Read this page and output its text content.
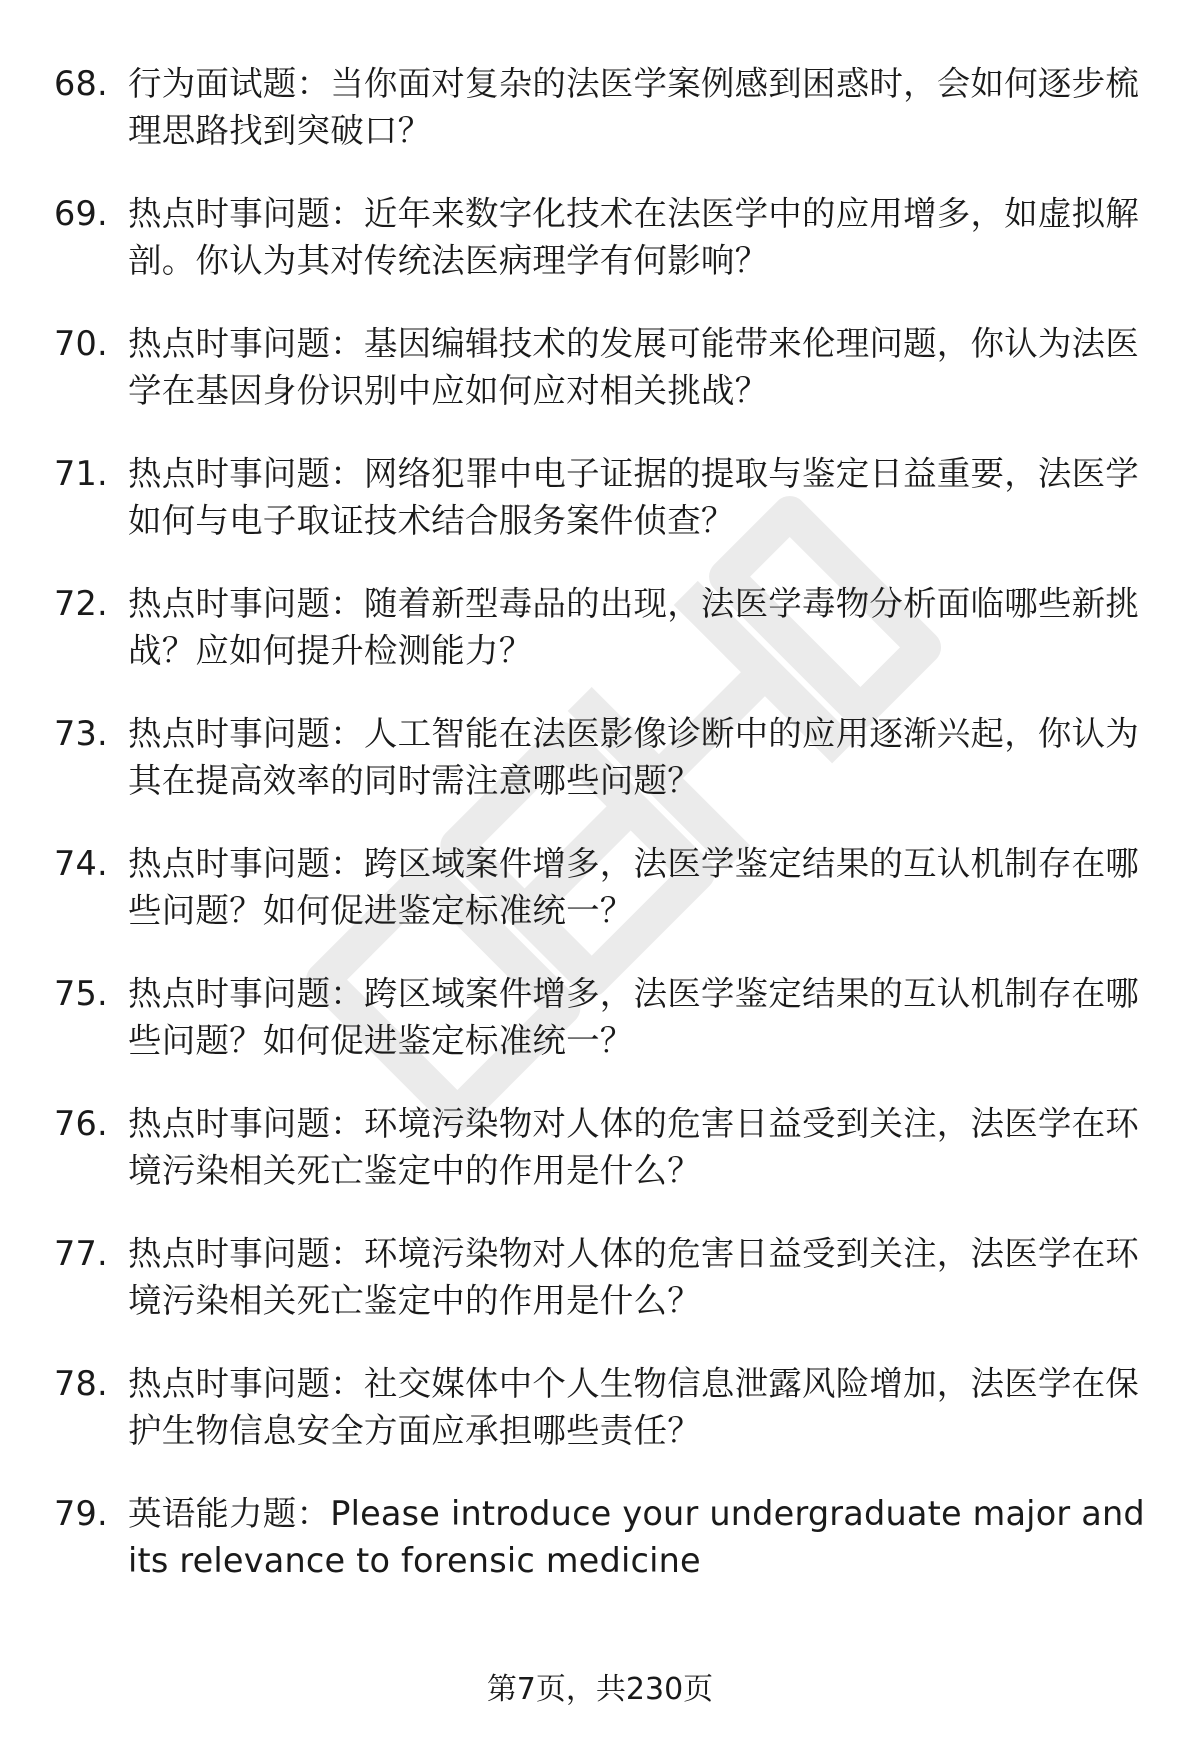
68. 行为面试题：当你面对复杂的法医学案例感到困惑时，会如何逐步梳理思路找到突破口？
69. 热点时事问题：近年来数字化技术在法医学中的应用增多，如虚拟解剖。你认为其对传统法医病理学有何影响？
70. 热点时事问题：基因编辑技术的发展可能带来伦理问题，你认为法医学在基因身份识别中应如何应对相关挑战？
71. 热点时事问题：网络犯罪中电子证据的提取与鉴定日益重要，法医学如何与电子取证技术结合服务案件侦查？
72. 热点时事问题：随着新型毒品的出现，法医学毒物分析面临哪些新挑战？应如何提升检测能力？
73. 热点时事问题：人工智能在法医影像诊断中的应用逐渐兴起，你认为其在提高效率的同时需注意哪些问题？
74. 热点时事问题：跨区域案件增多，法医学鉴定结果的互认机制存在哪些问题？如何促进鉴定标准统一？
75. 热点时事问题：跨区域案件增多，法医学鉴定结果的互认机制存在哪些问题？如何促进鉴定标准统一？
76. 热点时事问题：环境污染物对人体的危害日益受到关注，法医学在环境污染相关死亡鉴定中的作用是什么？
77. 热点时事问题：环境污染物对人体的危害日益受到关注，法医学在环境污染相关死亡鉴定中的作用是什么？
78. 热点时事问题：社交媒体中个人生物信息泄露风险增加，法医学在保护生物信息安全方面应承担哪些责任？
79. 英语能力题：Please introduce your undergraduate major and its relevance to forensic medicine
第7页，共230页
